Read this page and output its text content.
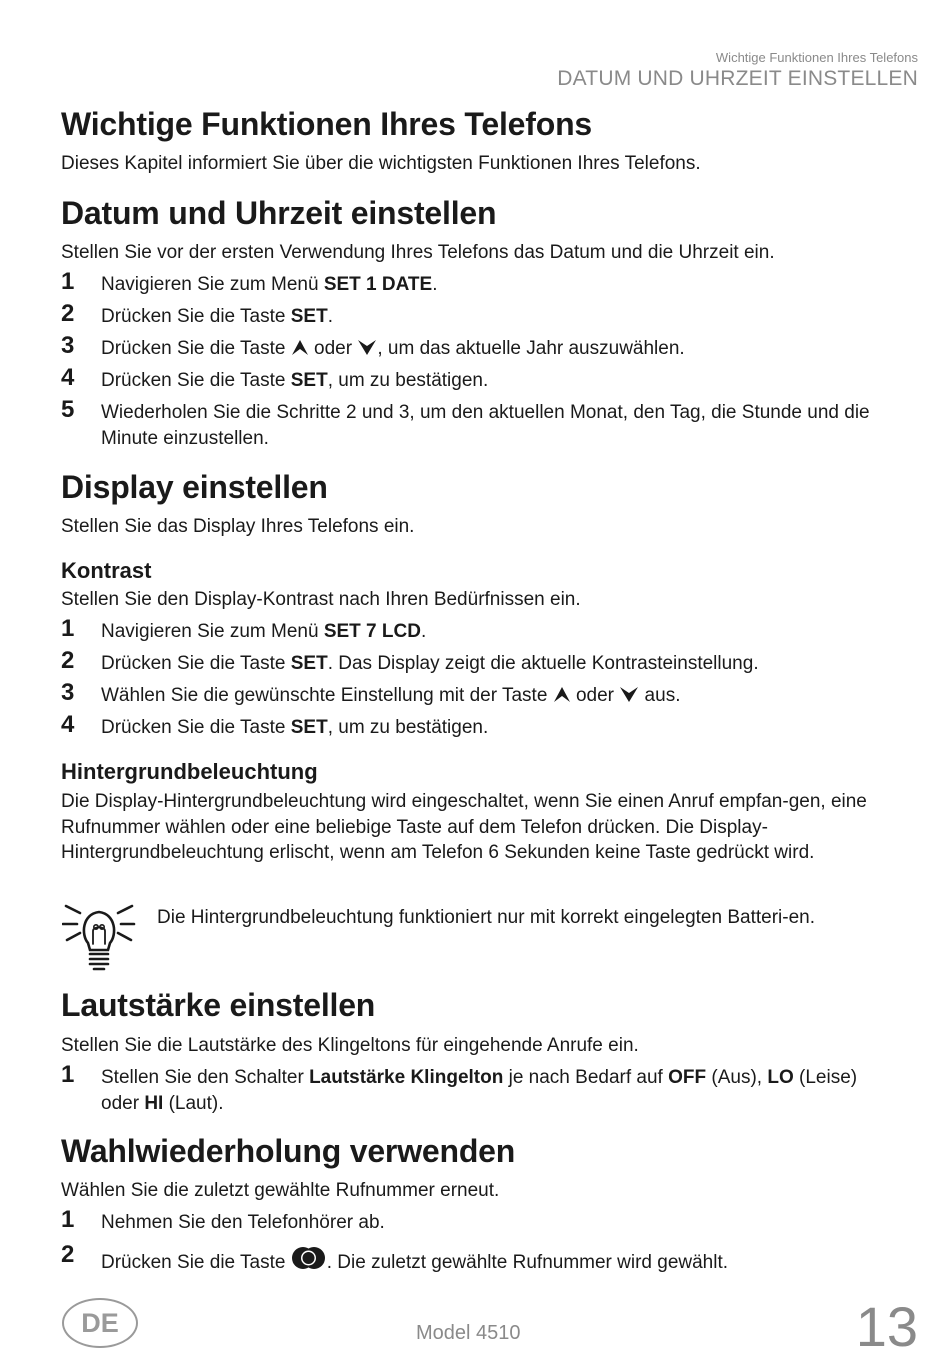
Wichtige Funktionen Ihres Telefons
DATUM UND UHRZEIT EINSTELLEN
Wichtige Funktionen Ihres Telefons
Dieses Kapitel informiert Sie über die wichtigsten Funktionen Ihres Telefons.
Datum und Uhrzeit einstellen
Stellen Sie vor der ersten Verwendung Ihres Telefons das Datum und die Uhrzeit ein.
1 Navigieren Sie zum Menü SET 1 DATE.
2 Drücken Sie die Taste SET.
3 Drücken Sie die Taste  oder , um das aktuelle Jahr auszuwählen.
4 Drücken Sie die Taste SET, um zu bestätigen.
5 Wiederholen Sie die Schritte 2 und 3, um den aktuellen Monat, den Tag, die Stunde und die Minute einzustellen.
Display einstellen
Stellen Sie das Display Ihres Telefons ein.
Kontrast
Stellen Sie den Display-Kontrast nach Ihren Bedürfnissen ein.
1 Navigieren Sie zum Menü SET 7 LCD.
2 Drücken Sie die Taste SET. Das Display zeigt die aktuelle Kontrasteinstellung.
3 Wählen Sie die gewünschte Einstellung mit der Taste  oder  aus.
4 Drücken Sie die Taste SET, um zu bestätigen.
Hintergrundbeleuchtung
Die Display-Hintergrundbeleuchtung wird eingeschaltet, wenn Sie einen Anruf empfan-gen, eine Rufnummer wählen oder eine beliebige Taste auf dem Telefon drücken. Die Display-Hintergrundbeleuchtung erlischt, wenn am Telefon 6 Sekunden keine Taste gedrückt wird.
Die Hintergrundbeleuchtung funktioniert nur mit korrekt eingelegten Batteri-en.
Lautstärke einstellen
Stellen Sie die Lautstärke des Klingeltons für eingehende Anrufe ein.
1 Stellen Sie den Schalter Lautstärke Klingelton je nach Bedarf auf OFF (Aus), LO (Leise) oder HI (Laut).
Wahlwiederholung verwenden
Wählen Sie die zuletzt gewählte Rufnummer erneut.
1 Nehmen Sie den Telefonhörer ab.
2 Drücken Sie die Taste . Die zuletzt gewählte Rufnummer wird gewählt.
DE	Model 4510	13
